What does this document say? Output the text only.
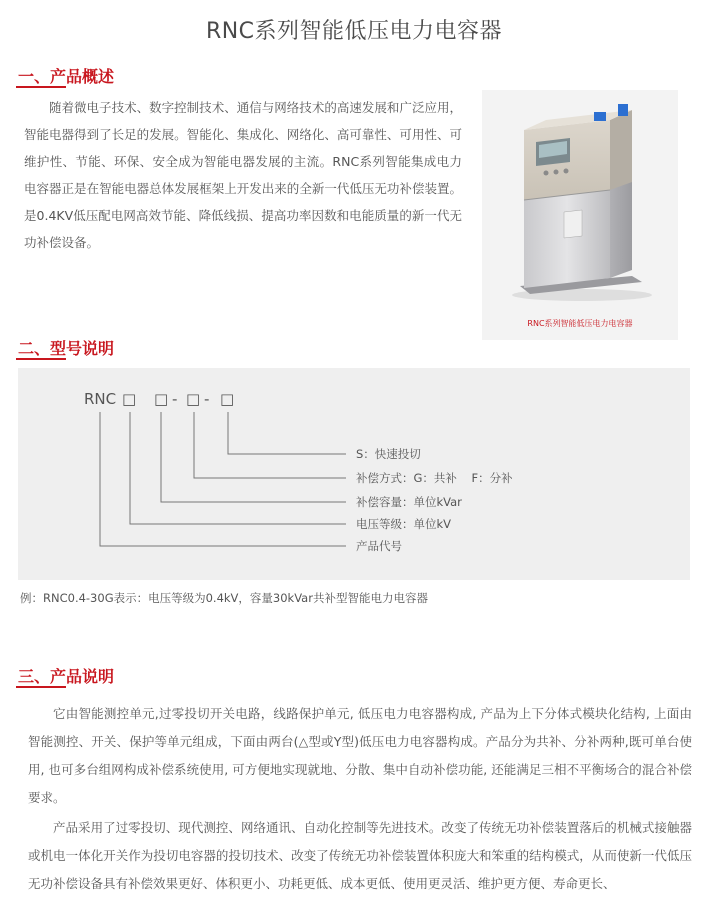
RNC系列智能低压电力电容器
一、产品概述

随着微电子技术、数字控制技术、通信与网络技术的高速发展和广泛应用，智能电器得到了长足的发展。智能化、集成化、网络化、高可靠性、可用性、可维护性、节能、环保、安全成为智能电器发展的主流。RNC系列智能集成电力电容器正是在智能电器总体发展框架上开发出来的全新一代低压无功补偿装置。是0.4KV低压配电网高效节能、降低线损、提高功率因数和电能质量的新一代无功补偿设备。

RNC系列智能低压电力电容器
二、型号说明
RNC □ □ - □ - □
S：快速投切
补偿方式：G：共补    F：分补
补偿容量：单位kVar
电压等级：单位kV
产品代号
例：RNC0.4-30G表示：电压等级为0.4kV，容量30kVar共补型智能电力电容器
三、产品说明

它由智能测控单元,过零投切开关电路，线路保护单元, 低压电力电容器构成, 产品为上下分体式模块化结构, 上面由智能测控、开关、保护等单元组成，下面由两台(△型或Y型)低压电力电容器构成。产品分为共补、分补两种,既可单台使用, 也可多台组网构成补偿系统使用, 可方便地实现就地、分散、集中自动补偿功能, 还能满足三相不平衡场合的混合补偿要求。

产品采用了过零投切、现代测控、网络通讯、自动化控制等先进技术。改变了传统无功补偿装置落后的机械式接触器或机电一体化开关作为投切电容器的投切技术、改变了传统无功补偿装置体积庞大和笨重的结构模式，从而使新一代低压无功补偿设备具有补偿效果更好、体积更小、功耗更低、成本更低、使用更灵活、维护更方便、寿命更长、
